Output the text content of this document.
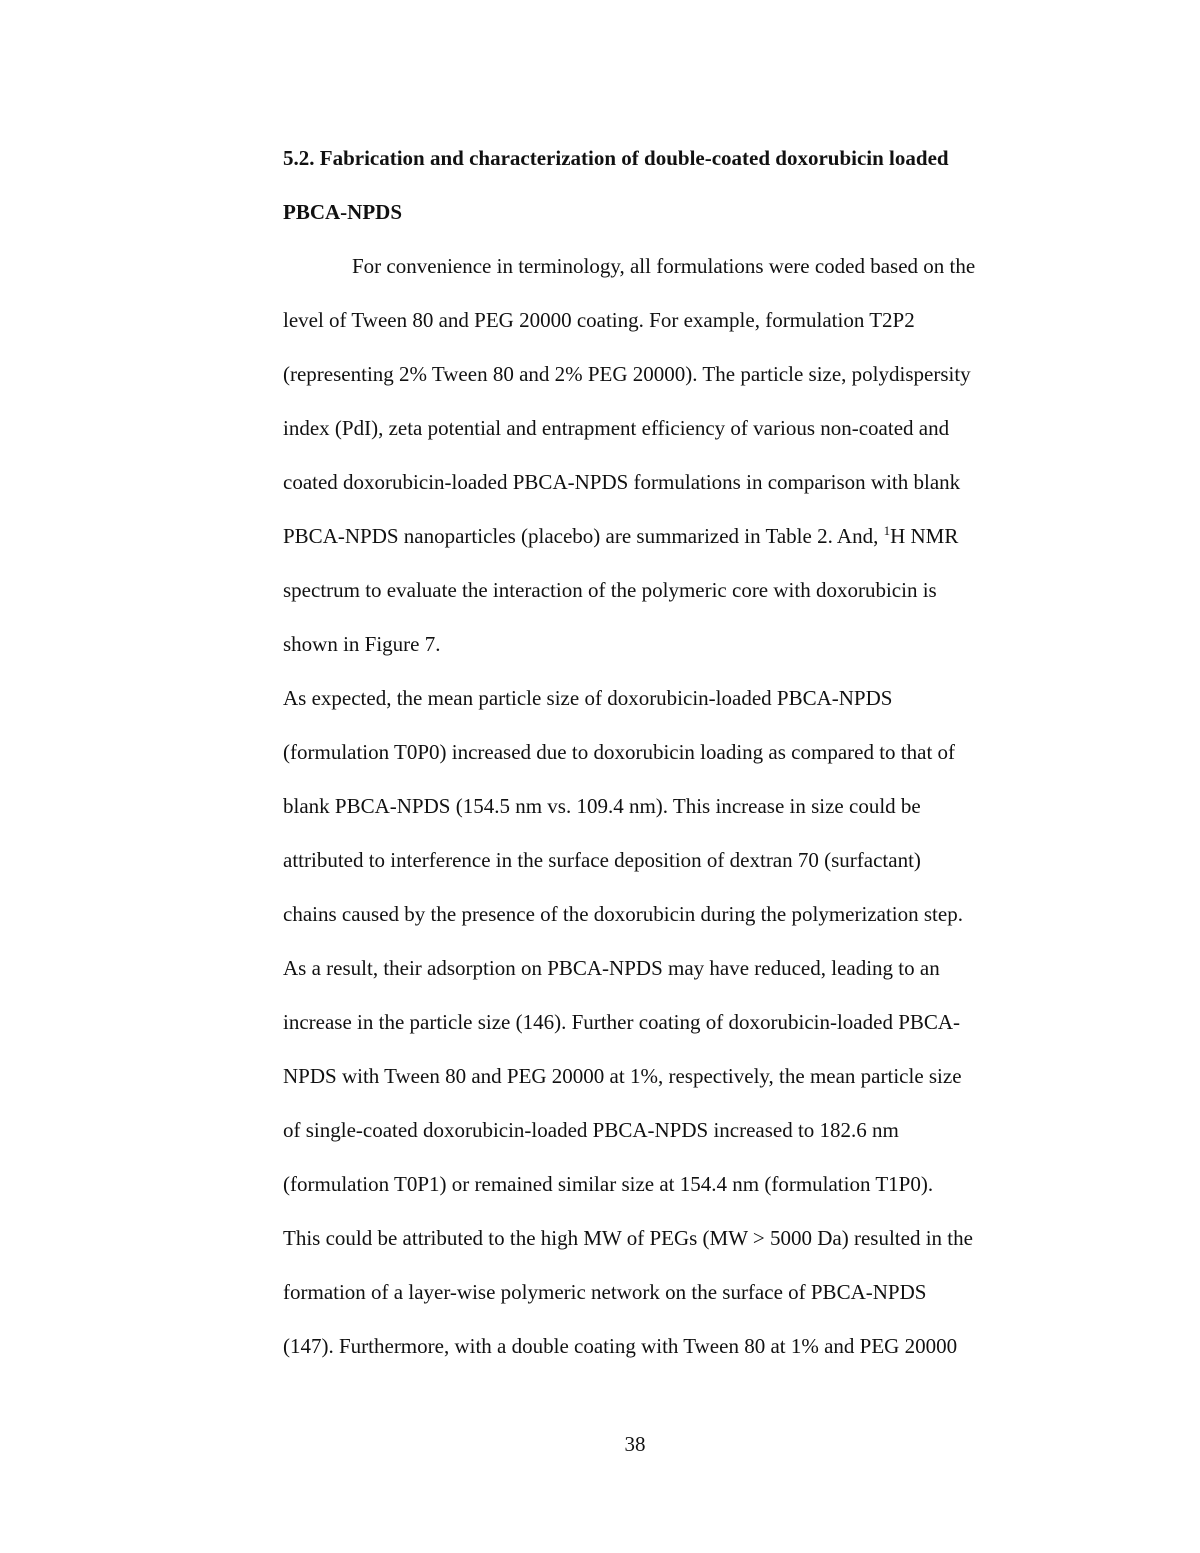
5.2. Fabrication and characterization of double-coated doxorubicin loaded
PBCA-NPDS
For convenience in terminology, all formulations were coded based on the
level of Tween 80 and PEG 20000 coating. For example, formulation T2P2
(representing 2% Tween 80 and 2% PEG 20000). The particle size, polydispersity
index (PdI), zeta potential and entrapment efficiency of various non-coated and
coated doxorubicin-loaded PBCA-NPDS formulations in comparison with blank
PBCA-NPDS nanoparticles (placebo) are summarized in Table 2. And, $^1$H NMR
spectrum to evaluate the interaction of the polymeric core with doxorubicin is
shown in Figure 7.
As expected, the mean particle size of doxorubicin-loaded PBCA-NPDS
(formulation T0P0) increased due to doxorubicin loading as compared to that of
blank PBCA-NPDS (154.5 nm vs. 109.4 nm). This increase in size could be
attributed to interference in the surface deposition of dextran 70 (surfactant)
chains caused by the presence of the doxorubicin during the polymerization step.
As a result, their adsorption on PBCA-NPDS may have reduced, leading to an
increase in the particle size (146). Further coating of doxorubicin-loaded PBCA-
NPDS with Tween 80 and PEG 20000 at 1%, respectively, the mean particle size
of single-coated doxorubicin-loaded PBCA-NPDS increased to 182.6 nm
(formulation T0P1) or remained similar size at 154.4 nm (formulation T1P0).
This could be attributed to the high MW of PEGs (MW > 5000 Da) resulted in the
formation of a layer-wise polymeric network on the surface of PBCA-NPDS
(147). Furthermore, with a double coating with Tween 80 at 1% and PEG 20000
38
